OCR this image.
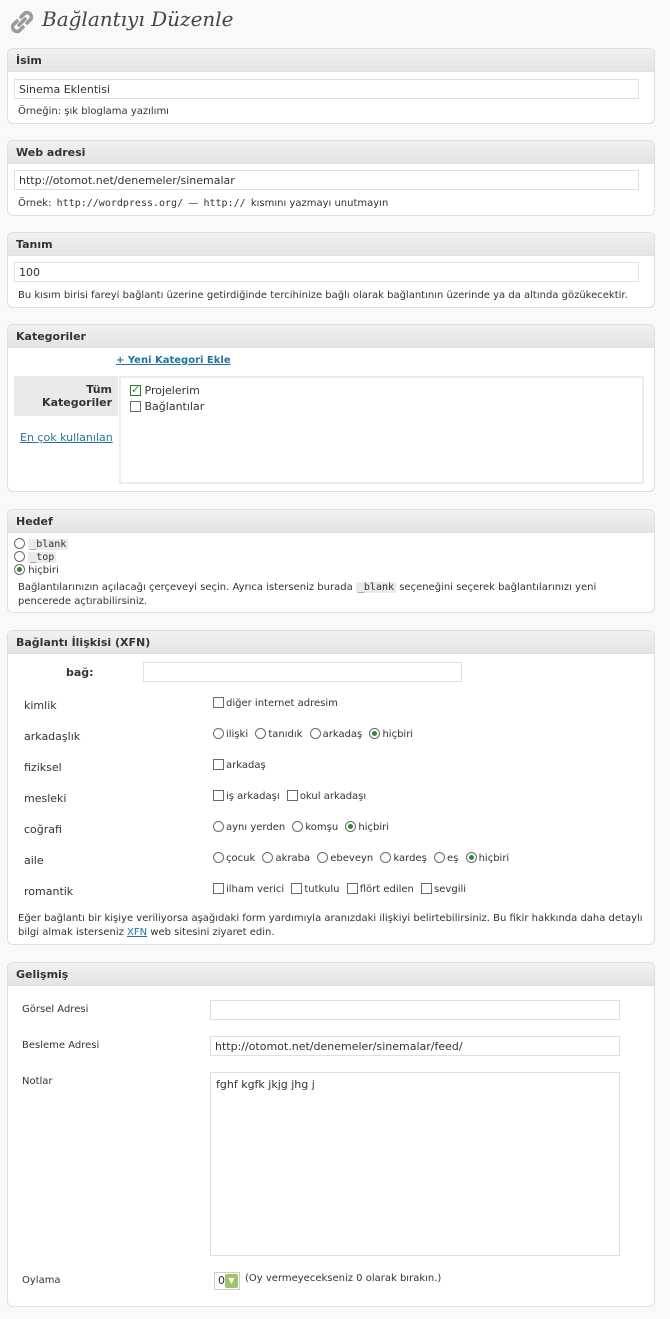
Bağlantıyı Düzenle
İsim
Sinema Eklentisi
Örneğin: şık bloglama yazılımı
Web adresi
http://otomot.net/denemeler/sinemalar
Örnek: http://wordpress.org/ — http:// kısmını yazmayı unutmayın
Tanım
100
Bu kısım birisi fareyi bağlantı üzerine getirdiğinde tercihinize bağlı olarak bağlantının üzerinde ya da altında gözükecektir.
Kategoriler
+ Yeni Kategori Ekle
Tüm Kategoriler
En çok kullanılan
✓ Projelerim
Bağlantılar
Hedef
_blank
_top
hiçbiri
Bağlantılarınızın açılacağı çerçeveyi seçin. Ayrıca isterseniz burada _blank seçeneğini seçerek bağlantılarınızı yeni
pencerede açtırabilirsiniz.
Bağlantı İlişkisi (XFN)
bağ:
kimlik	diğer internet adresim
arkadaşlık	ilişki tanıdık arkadaş hiçbiri
fiziksel	arkadaş
mesleki	iş arkadaşı okul arkadaşı
coğrafi	aynı yerden komşu hiçbiri
aile	çocuk akraba ebeveyn kardeş eş hiçbiri
romantik	ilham verici tutkulu flört edilen sevgili
Eğer bağlantı bir kişiye veriliyorsa aşağıdaki form yardımıyla aranızdaki ilişkiyi belirtebilirsiniz. Bu fikir hakkında daha detaylı
bilgi almak isterseniz XFN web sitesini ziyaret edin.
Gelişmiş
Görsel Adresi
Besleme Adresi	http://otomot.net/denemeler/sinemalar/feed/
Notlar	fghf kgfk jkjg jhg j
Oylama	0 ▼	(Oy vermeyecekseniz 0 olarak bırakın.)
